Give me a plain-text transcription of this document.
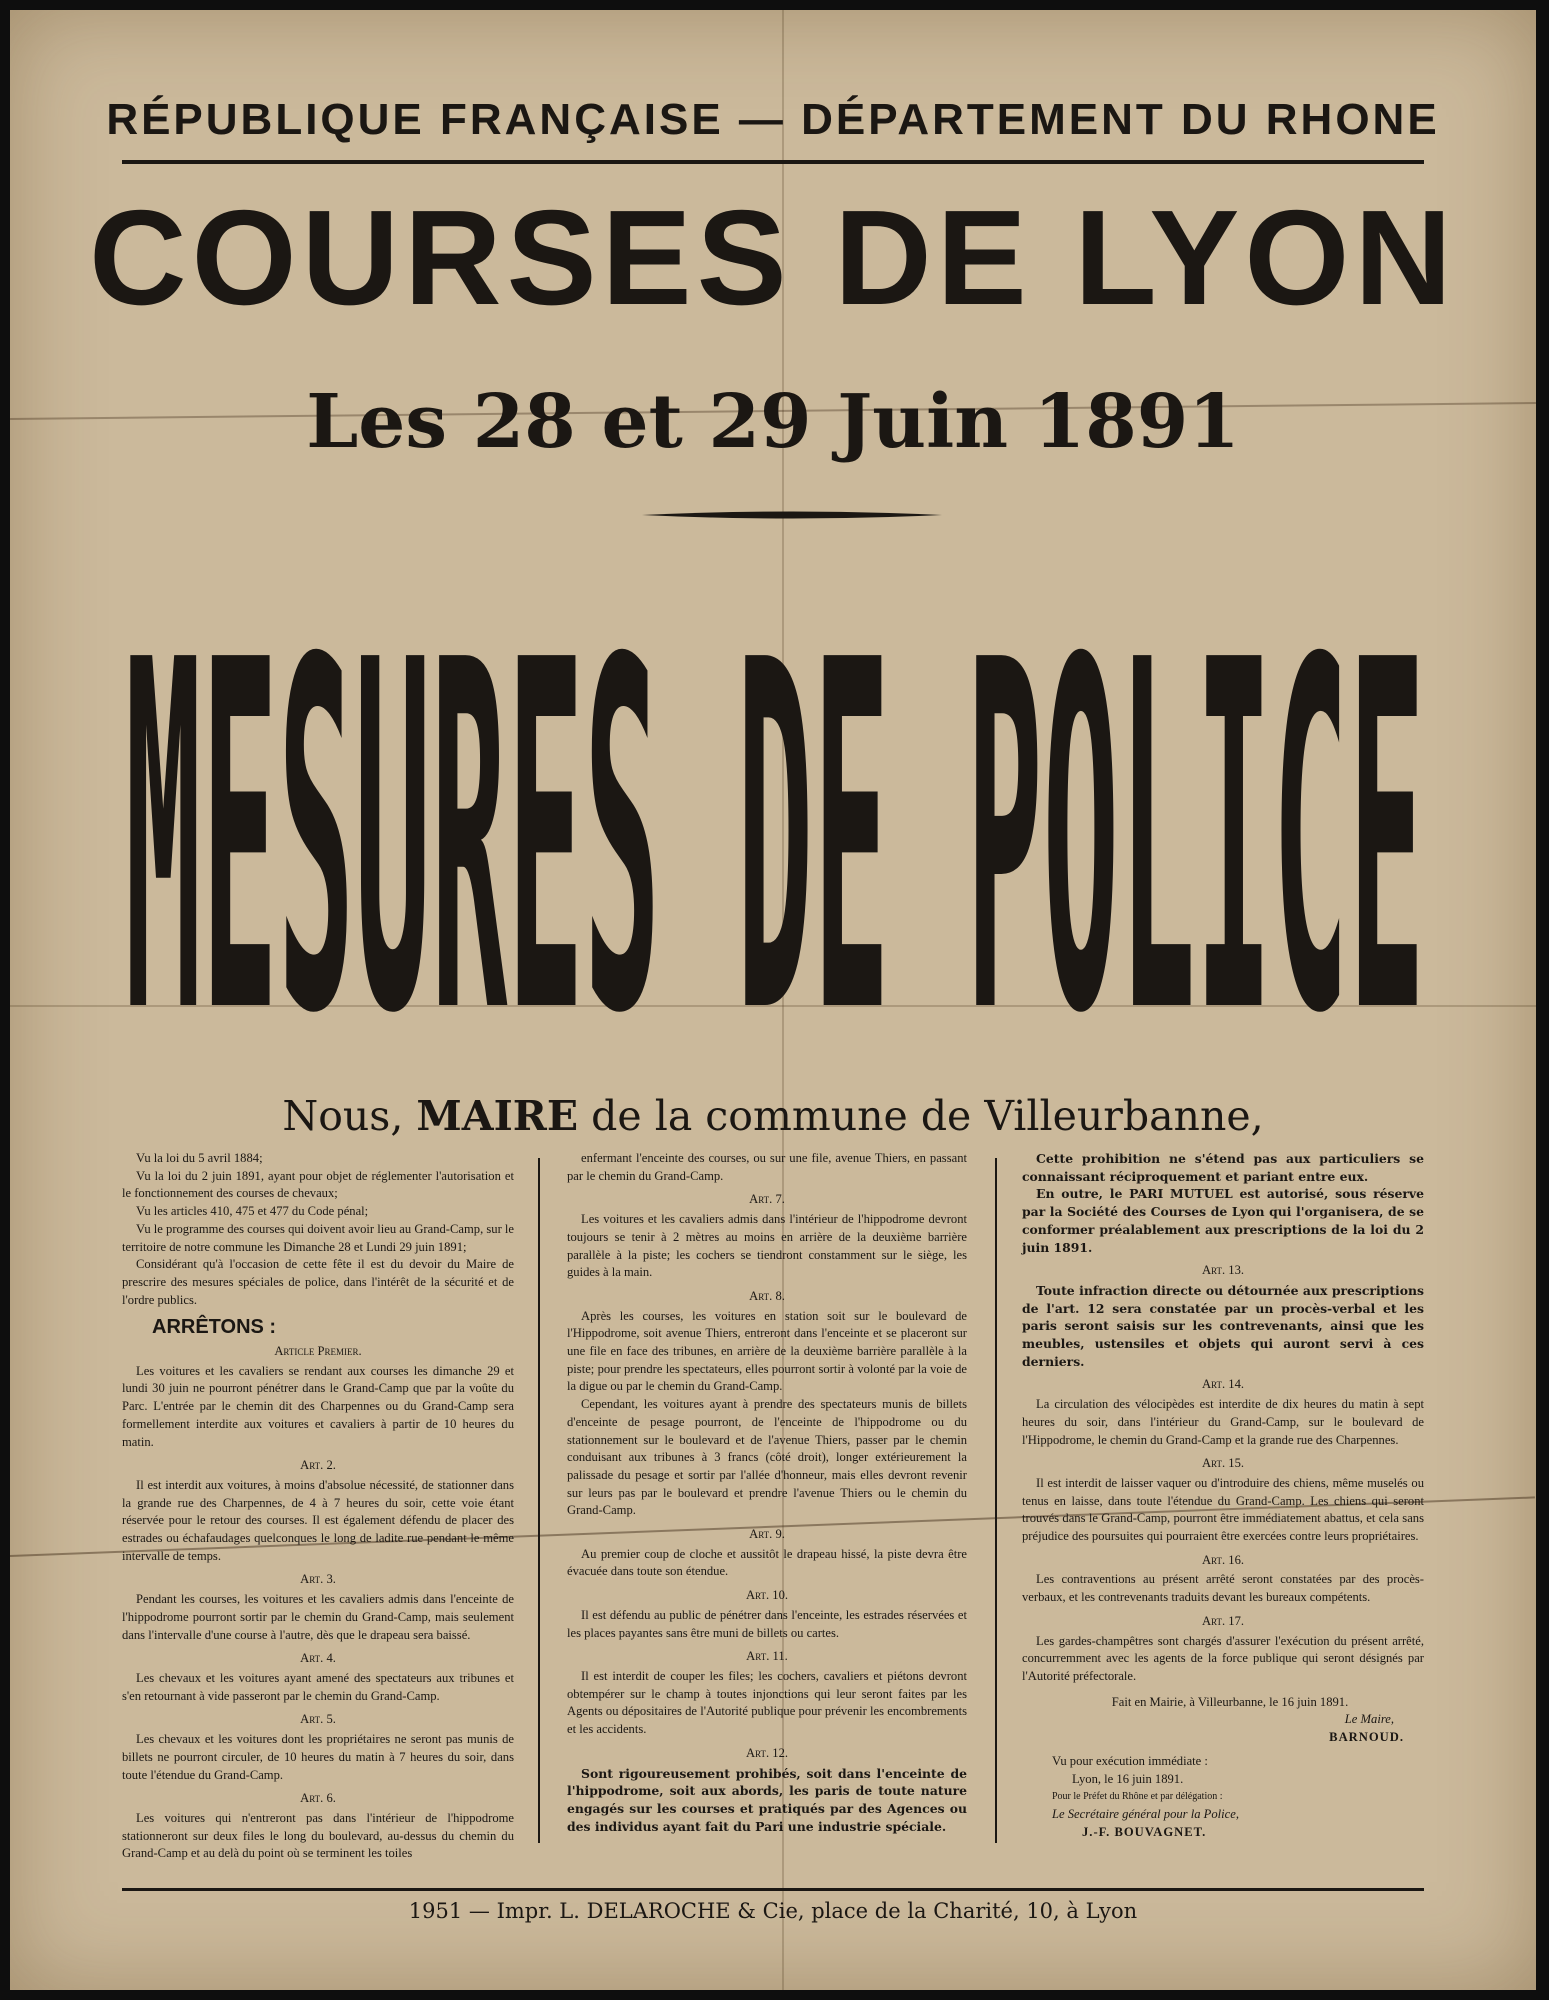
RÉPUBLIQUE FRANÇAISE — DÉPARTEMENT DU RHONE
COURSES DE LYON
Les 28 et 29 Juin 1891
MESURES DE POLICE
Nous, MAIRE de la commune de Villeurbanne,

Vu la loi du 5 avril 1884;

Vu la loi du 2 juin 1891, ayant pour objet de réglementer l'autorisation et le fonctionnement des courses de chevaux;

Vu les articles 410, 475 et 477 du Code pénal;

Vu le programme des courses qui doivent avoir lieu au Grand-Camp, sur le territoire de notre commune les Dimanche 28 et Lundi 29 juin 1891;

Considérant qu'à l'occasion de cette fête il est du devoir du Maire de prescrire des mesures spéciales de police, dans l'intérêt de la sécurité et de l'ordre publics.

ARRÊTONS :

Article Premier.

Les voitures et les cavaliers se rendant aux courses les dimanche 29 et lundi 30 juin ne pourront pénétrer dans le Grand-Camp que par la voûte du Parc. L'entrée par le chemin dit des Charpennes ou du Grand-Camp sera formellement interdite aux voitures et cavaliers à partir de 10 heures du matin.

Art. 2.

Il est interdit aux voitures, à moins d'absolue nécessité, de stationner dans la grande rue des Charpennes, de 4 à 7 heures du soir, cette voie étant réservée pour le retour des courses. Il est également défendu de placer des estrades ou échafaudages quelconques le long de ladite rue pendant le même intervalle de temps.

Art. 3.

Pendant les courses, les voitures et les cavaliers admis dans l'enceinte de l'hippodrome pourront sortir par le chemin du Grand-Camp, mais seulement dans l'intervalle d'une course à l'autre, dès que le drapeau sera baissé.

Art. 4.

Les chevaux et les voitures ayant amené des spectateurs aux tribunes et s'en retournant à vide passeront par le chemin du Grand-Camp.

Art. 5.

Les chevaux et les voitures dont les propriétaires ne seront pas munis de billets ne pourront circuler, de 10 heures du matin à 7 heures du soir, dans toute l'étendue du Grand-Camp.

Art. 6.

Les voitures qui n'entreront pas dans l'intérieur de l'hippodrome stationneront sur deux files le long du boulevard, au-dessus du chemin du Grand-Camp et au delà du point où se terminent les toiles

enfermant l'enceinte des courses, ou sur une file, avenue Thiers, en passant par le chemin du Grand-Camp.

Art. 7.

Les voitures et les cavaliers admis dans l'intérieur de l'hippodrome devront toujours se tenir à 2 mètres au moins en arrière de la deuxième barrière parallèle à la piste; les cochers se tiendront constamment sur le siège, les guides à la main.

Art. 8.

Après les courses, les voitures en station soit sur le boulevard de l'Hippodrome, soit avenue Thiers, entreront dans l'enceinte et se placeront sur une file en face des tribunes, en arrière de la deuxième barrière parallèle à la piste; pour prendre les spectateurs, elles pourront sortir à volonté par la voie de la digue ou par le chemin du Grand-Camp.

Cependant, les voitures ayant à prendre des spectateurs munis de billets d'enceinte de pesage pourront, de l'enceinte de l'hippodrome ou du stationnement sur le boulevard et de l'avenue Thiers, passer par le chemin conduisant aux tribunes à 3 francs (côté droit), longer extérieurement la palissade du pesage et sortir par l'allée d'honneur, mais elles devront revenir sur leurs pas par le boulevard et prendre l'avenue Thiers ou le chemin du Grand-Camp.

Art. 9.

Au premier coup de cloche et aussitôt le drapeau hissé, la piste devra être évacuée dans toute son étendue.

Art. 10.

Il est défendu au public de pénétrer dans l'enceinte, les estrades réservées et les places payantes sans être muni de billets ou cartes.

Art. 11.

Il est interdit de couper les files; les cochers, cavaliers et piétons devront obtempérer sur le champ à toutes injonctions qui leur seront faites par les Agents ou dépositaires de l'Autorité publique pour prévenir les encombrements et les accidents.

Art. 12.

Sont rigoureusement prohibés, soit dans l'enceinte de l'hippodrome, soit aux abords, les paris de toute nature engagés sur les courses et pratiqués par des Agences ou des individus ayant fait du Pari une industrie spéciale.

Cette prohibition ne s'étend pas aux particuliers se connaissant réciproquement et pariant entre eux.

En outre, le PARI MUTUEL est autorisé, sous réserve par la Société des Courses de Lyon qui l'organisera, de se conformer préalablement aux prescriptions de la loi du 2 juin 1891.

Art. 13.

Toute infraction directe ou détournée aux prescriptions de l'art. 12 sera constatée par un procès-verbal et les paris seront saisis sur les contrevenants, ainsi que les meubles, ustensiles et objets qui auront servi à ces derniers.

Art. 14.

La circulation des vélocipèdes est interdite de dix heures du matin à sept heures du soir, dans l'intérieur du Grand-Camp, sur le boulevard de l'Hippodrome, le chemin du Grand-Camp et la grande rue des Charpennes.

Art. 15.

Il est interdit de laisser vaquer ou d'introduire des chiens, même muselés ou tenus en laisse, dans toute l'étendue du Grand-Camp. Les chiens qui seront trouvés dans le Grand-Camp, pourront être immédiatement abattus, et cela sans préjudice des poursuites qui pourraient être exercées contre leurs propriétaires.

Art. 16.

Les contraventions au présent arrêté seront constatées par des procès-verbaux, et les contrevenants traduits devant les bureaux compétents.

Art. 17.

Les gardes-champêtres sont chargés d'assurer l'exécution du présent arrêté, concurremment avec les agents de la force publique qui seront désignés par l'Autorité préfectorale.

Fait en Mairie, à Villeurbanne, le 16 juin 1891.

Le Maire,

BARNOUD.

Vu pour exécution immédiate :

Lyon, le 16 juin 1891.

Pour le Préfet du Rhône et par délégation :

Le Secrétaire général pour la Police,

J.-F. BOUVAGNET.

1951 — Impr. L. DELAROCHE & Cie, place de la Charité, 10, à Lyon
